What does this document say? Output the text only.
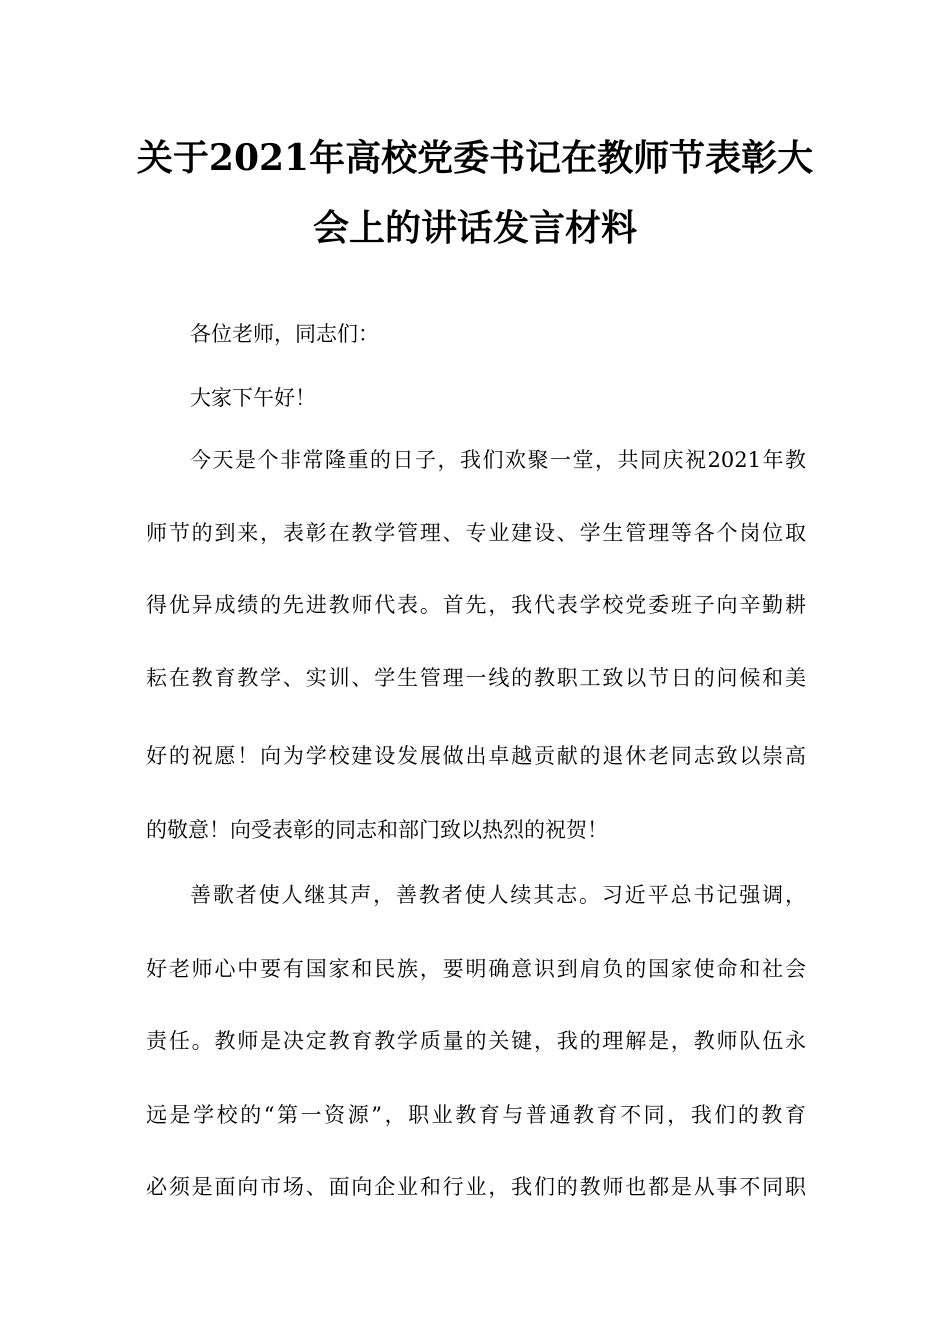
关于2021年高校党委书记在教师节表彰大
会上的讲话发言材料

各位老师，同志们：

大家下午好！

今天是个非常隆重的日子，我们欢聚一堂，共同庆祝2021年教

师节的到来，表彰在教学管理、专业建设、学生管理等各个岗位取

得优异成绩的先进教师代表。首先，我代表学校党委班子向辛勤耕

耘在教育教学、实训、学生管理一线的教职工致以节日的问候和美

好的祝愿！向为学校建设发展做出卓越贡献的退休老同志致以崇高

的敬意！向受表彰的同志和部门致以热烈的祝贺！

善歌者使人继其声，善教者使人续其志。习近平总书记强调，

好老师心中要有国家和民族，要明确意识到肩负的国家使命和社会

责任。教师是决定教育教学质量的关键，我的理解是，教师队伍永

远是学校的“第一资源”，职业教育与普通教育不同，我们的教育

必须是面向市场、面向企业和行业，我们的教师也都是从事不同职
